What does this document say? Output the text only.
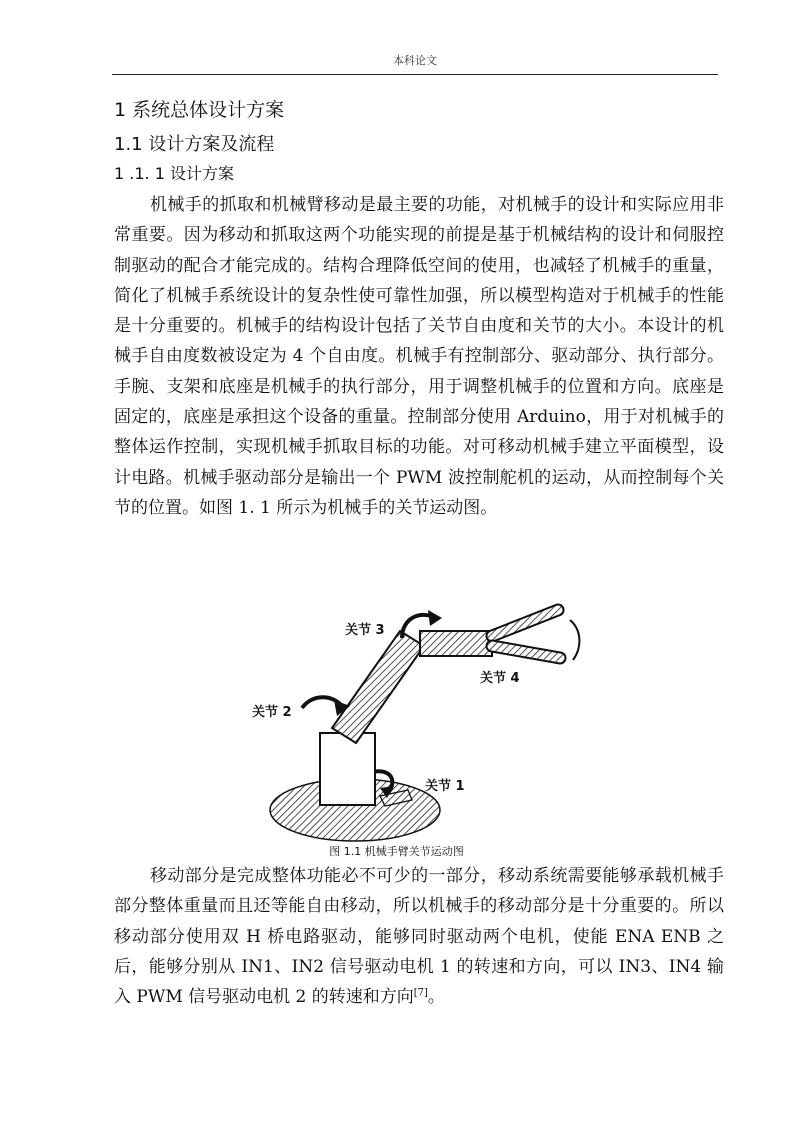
本科论文
1 系统总体设计方案
1.1 设计方案及流程
1 .1. 1 设计方案

机械手的抓取和机械臂移动是最主要的功能，对机械手的设计和实际应用非常重要。因为移动和抓取这两个功能实现的前提是基于机械结构的设计和伺服控制驱动的配合才能完成的。结构合理降低空间的使用，也减轻了机械手的重量，简化了机械手系统设计的复杂性使可靠性加强，所以模型构造对于机械手的性能是十分重要的。机械手的结构设计包括了关节自由度和关节的大小。本设计的机械手自由度数被设定为 4 个自由度。机械手有控制部分、驱动部分、执行部分。手腕、支架和底座是机械手的执行部分，用于调整机械手的位置和方向。底座是固定的，底座是承担这个设备的重量。控制部分使用 Arduino，用于对机械手的整体运作控制，实现机械手抓取目标的功能。对可移动机械手建立平面模型，设计电路。机械手驱动部分是输出一个 PWM 波控制舵机的运动，从而控制每个关节的位置。如图 1. 1 所示为机械手的关节运动图。

关节 3
关节 4
关节 2
关节 1
图 1.1 机械手臂关节运动图

移动部分是完成整体功能必不可少的一部分，移动系统需要能够承载机械手部分整体重量而且还等能自由移动，所以机械手的移动部分是十分重要的。所以移动部分使用双 H 桥电路驱动，能够同时驱动两个电机，使能 ENA ENB 之后，能够分别从 IN1、IN2 信号驱动电机 1 的转速和方向，可以 IN3、IN4 输入 PWM 信号驱动电机 2 的转速和方向[7]。
